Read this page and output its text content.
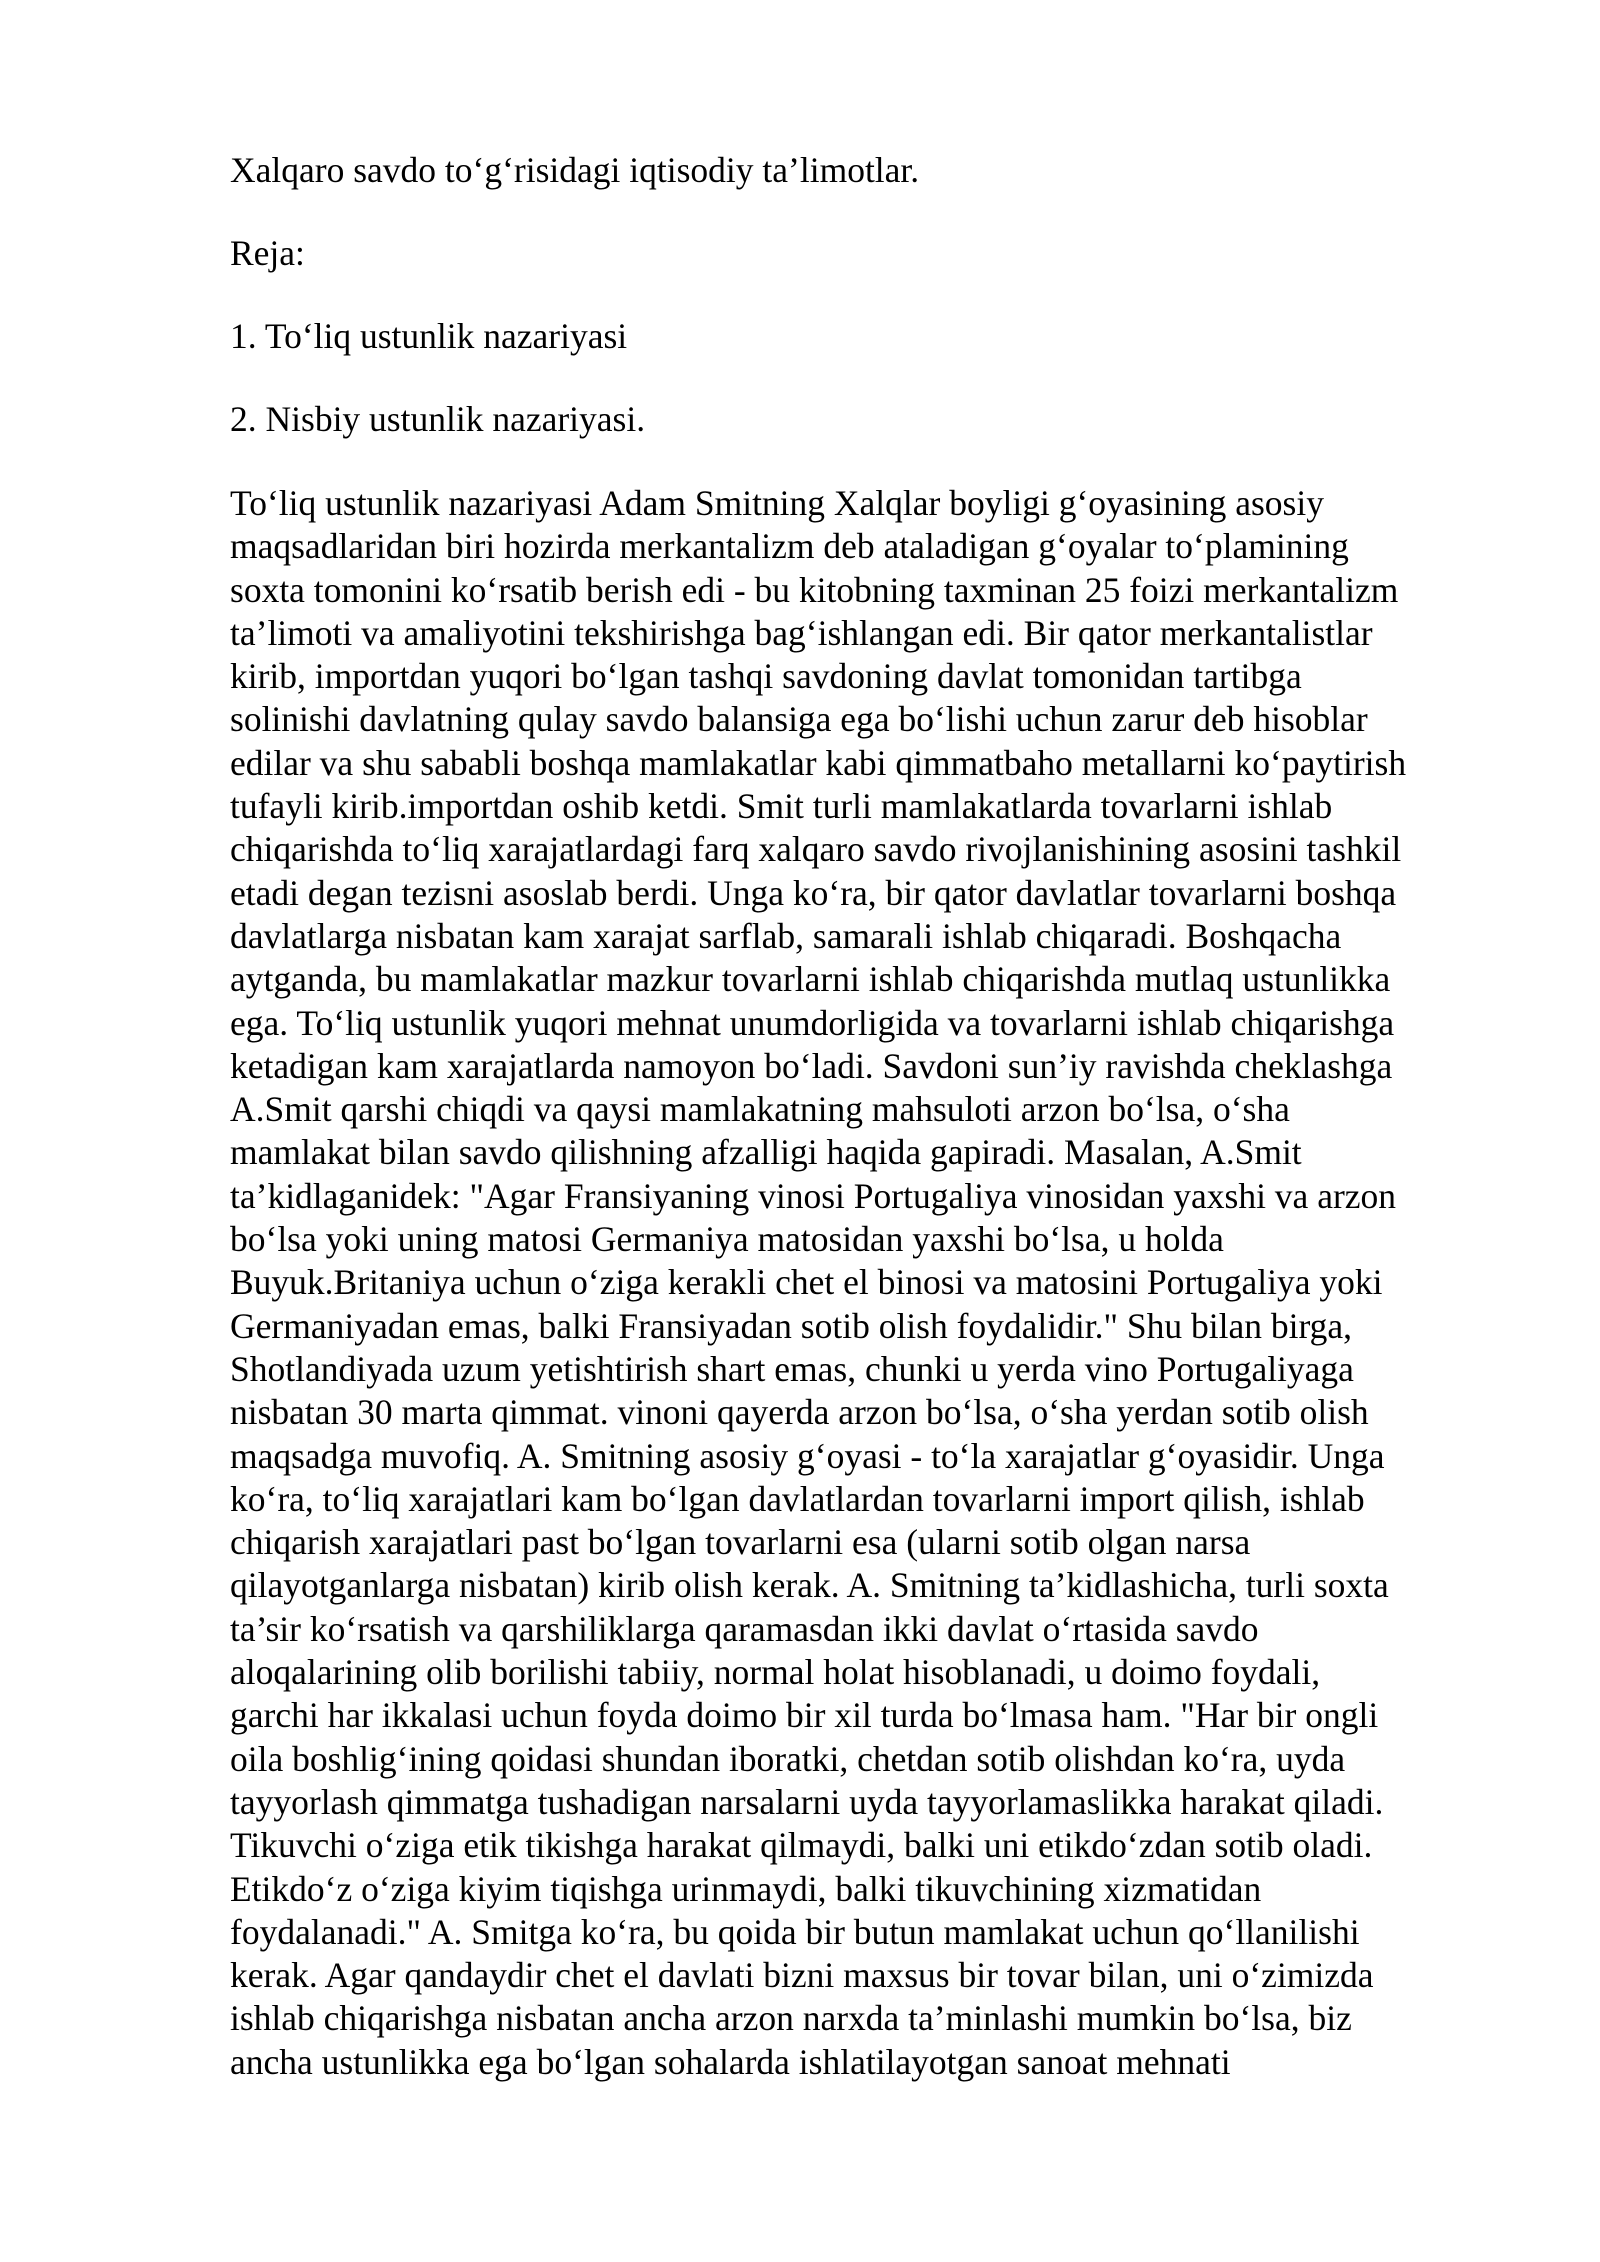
Xalqaro savdo to‘g‘risidagi iqtisodiy ta’limotlar.

Reja:

1. To‘liq ustunlik nazariyasi

2. Nisbiy ustunlik nazariyasi.

To‘liq ustunlik nazariyasi Adam Smitning Xalqlar boyligi g‘oyasining asosiy
maqsadlaridan biri hozirda merkantalizm deb ataladigan g‘oyalar to‘plamining
soxta tomonini ko‘rsatib berish edi - bu kitobning taxminan 25 foizi merkantalizm
ta’limoti va amaliyotini tekshirishga bag‘ishlangan edi. Bir qator merkantalistlar
kirib, importdan yuqori bo‘lgan tashqi savdoning davlat tomonidan tartibga
solinishi davlatning qulay savdo balansiga ega bo‘lishi uchun zarur deb hisoblar
edilar va shu sababli boshqa mamlakatlar kabi qimmatbaho metallarni ko‘paytirish
tufayli kirib.importdan oshib ketdi. Smit turli mamlakatlarda tovarlarni ishlab
chiqarishda to‘liq xarajatlardagi farq xalqaro savdo rivojlanishining asosini tashkil
etadi degan tezisni asoslab berdi. Unga ko‘ra, bir qator davlatlar tovarlarni boshqa
davlatlarga nisbatan kam xarajat sarflab, samarali ishlab chiqaradi. Boshqacha
aytganda, bu mamlakatlar mazkur tovarlarni ishlab chiqarishda mutlaq ustunlikka
ega. To‘liq ustunlik yuqori mehnat unumdorligida va tovarlarni ishlab chiqarishga
ketadigan kam xarajatlarda namoyon bo‘ladi. Savdoni sun’iy ravishda cheklashga
A.Smit qarshi chiqdi va qaysi mamlakatning mahsuloti arzon bo‘lsa, o‘sha
mamlakat bilan savdo qilishning afzalligi haqida gapiradi. Masalan, A.Smit
ta’kidlaganidek: "Agar Fransiyaning vinosi Portugaliya vinosidan yaxshi va arzon
bo‘lsa yoki uning matosi Germaniya matosidan yaxshi bo‘lsa, u holda
Buyuk.Britaniya uchun o‘ziga kerakli chet el binosi va matosini Portugaliya yoki
Germaniyadan emas, balki Fransiyadan sotib olish foydalidir." Shu bilan birga,
Shotlandiyada uzum yetishtirish shart emas, chunki u yerda vino Portugaliyaga
nisbatan 30 marta qimmat. vinoni qayerda arzon bo‘lsa, o‘sha yerdan sotib olish
maqsadga muvofiq. A. Smitning asosiy g‘oyasi - to‘la xarajatlar g‘oyasidir. Unga
ko‘ra, to‘liq xarajatlari kam bo‘lgan davlatlardan tovarlarni import qilish, ishlab
chiqarish xarajatlari past bo‘lgan tovarlarni esa (ularni sotib olgan narsa
qilayotganlarga nisbatan) kirib olish kerak. A. Smitning ta’kidlashicha, turli soxta
ta’sir ko‘rsatish va qarshiliklarga qaramasdan ikki davlat o‘rtasida savdo
aloqalarining olib borilishi tabiiy, normal holat hisoblanadi, u doimo foydali,
garchi har ikkalasi uchun foyda doimo bir xil turda bo‘lmasa ham. "Har bir ongli
oila boshlig‘ining qoidasi shundan iboratki, chetdan sotib olishdan ko‘ra, uyda
tayyorlash qimmatga tushadigan narsalarni uyda tayyorlamaslikka harakat qiladi.
Tikuvchi o‘ziga etik tikishga harakat qilmaydi, balki uni etikdo‘zdan sotib oladi.
Etikdo‘z o‘ziga kiyim tiqishga urinmaydi, balki tikuvchining xizmatidan
foydalanadi." A. Smitga ko‘ra, bu qoida bir butun mamlakat uchun qo‘llanilishi
kerak. Agar qandaydir chet el davlati bizni maxsus bir tovar bilan, uni o‘zimizda
ishlab chiqarishga nisbatan ancha arzon narxda ta’minlashi mumkin bo‘lsa, biz
ancha ustunlikka ega bo‘lgan sohalarda ishlatilayotgan sanoat mehnati
